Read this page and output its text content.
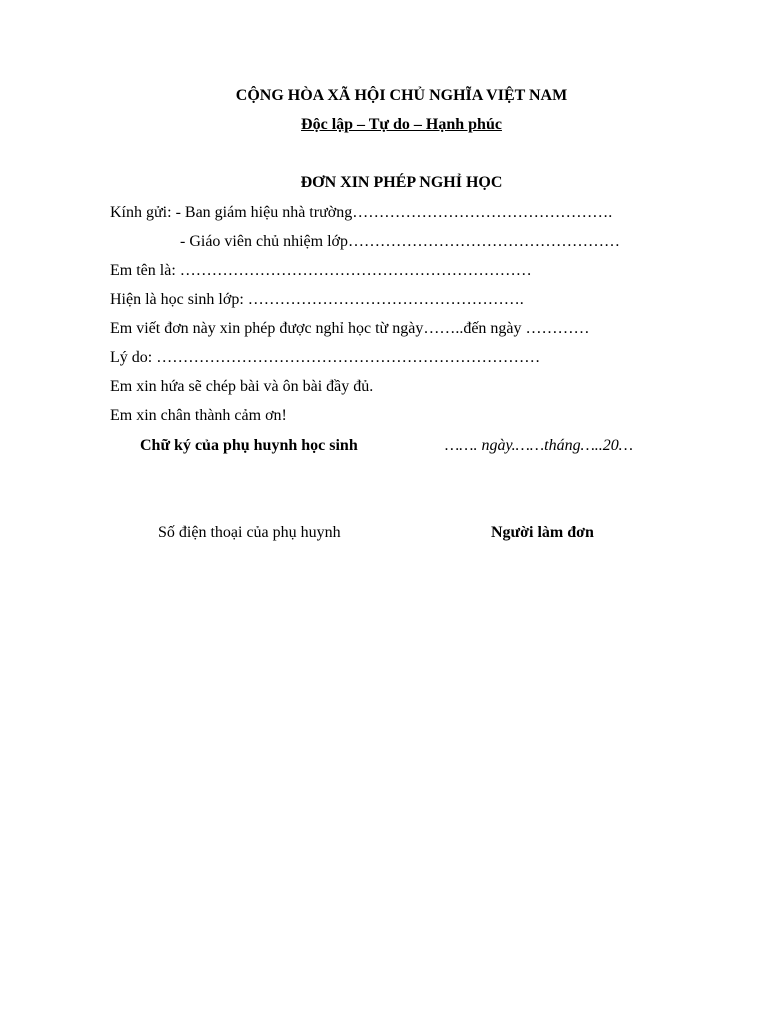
CỘNG HÒA XÃ HỘI CHỦ NGHĨA VIỆT NAM
Độc lập – Tự do – Hạnh phúc
ĐƠN XIN PHÉP NGHỈ HỌC
Kính gửi: - Ban giám hiệu nhà trường………………………………………….
- Giáo viên chủ nhiệm lớp……………………………………………
Em tên là: …………………………………………………………
Hiện là học sinh lớp: …………………………………………….
Em viết đơn này xin phép được nghỉ học từ ngày……..đến ngày …………
Lý do: ………………………………………………………………
Em xin hứa sẽ chép bài và ôn bài đầy đủ.
Em xin chân thành cảm ơn!
Chữ ký của phụ huynh học sinh	……. ngày.……tháng…..20…
Số điện thoại của phụ huynh	Người làm đơn
